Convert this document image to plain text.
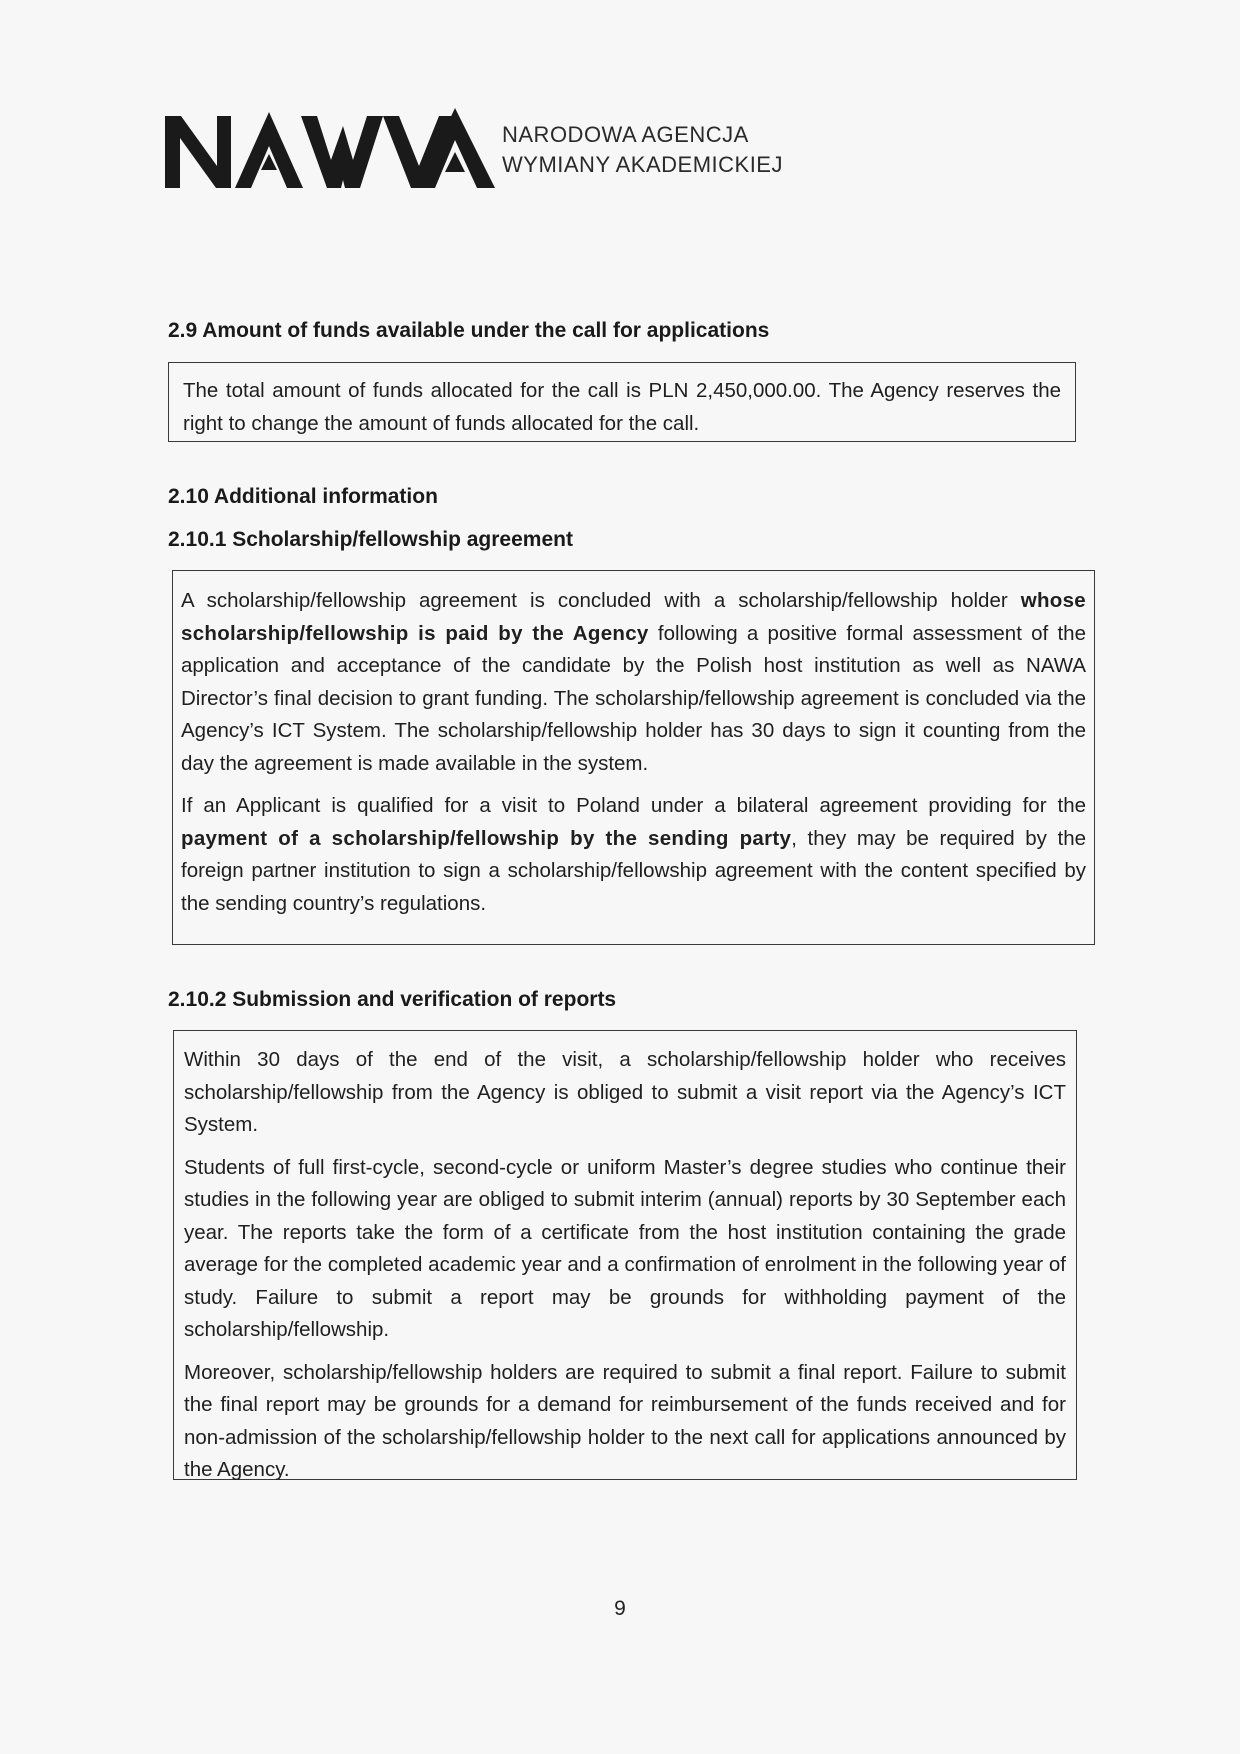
NARODOWA AGENCJA
WYMIANY AKADEMICKIEJ
2.9 Amount of funds available under the call for applications

The total amount of funds allocated for the call is PLN 2,450,000.00. The Agency reserves the right to change the amount of funds allocated for the call.

2.10 Additional information
2.10.1 Scholarship/fellowship agreement

A scholarship/fellowship agreement is concluded with a scholarship/fellowship holder whose scholarship/fellowship is paid by the Agency following a positive formal assessment of the application and acceptance of the candidate by the Polish host institution as well as NAWA Director’s final decision to grant funding. The scholarship/fellowship agreement is concluded via the Agency’s ICT System. The scholarship/fellowship holder has 30 days to sign it counting from the day the agreement is made available in the system.

If an Applicant is qualified for a visit to Poland under a bilateral agreement providing for the payment of a scholarship/fellowship by the sending party, they may be required by the foreign partner institution to sign a scholarship/fellowship agreement with the content specified by the sending country’s regulations.

2.10.2 Submission and verification of reports

Within 30 days of the end of the visit, a scholarship/fellowship holder who receives scholarship/fellowship from the Agency is obliged to submit a visit report via the Agency’s ICT System.

Students of full first-cycle, second-cycle or uniform Master’s degree studies who continue their studies in the following year are obliged to submit interim (annual) reports by 30 September each year. The reports take the form of a certificate from the host institution containing the grade average for the completed academic year and a confirmation of enrolment in the following year of study. Failure to submit a report may be grounds for withholding payment of the scholarship/fellowship.

Moreover, scholarship/fellowship holders are required to submit a final report. Failure to submit the final report may be grounds for a demand for reimbursement of the funds received and for non-admission of the scholarship/fellowship holder to the next call for applications announced by the Agency.

9
